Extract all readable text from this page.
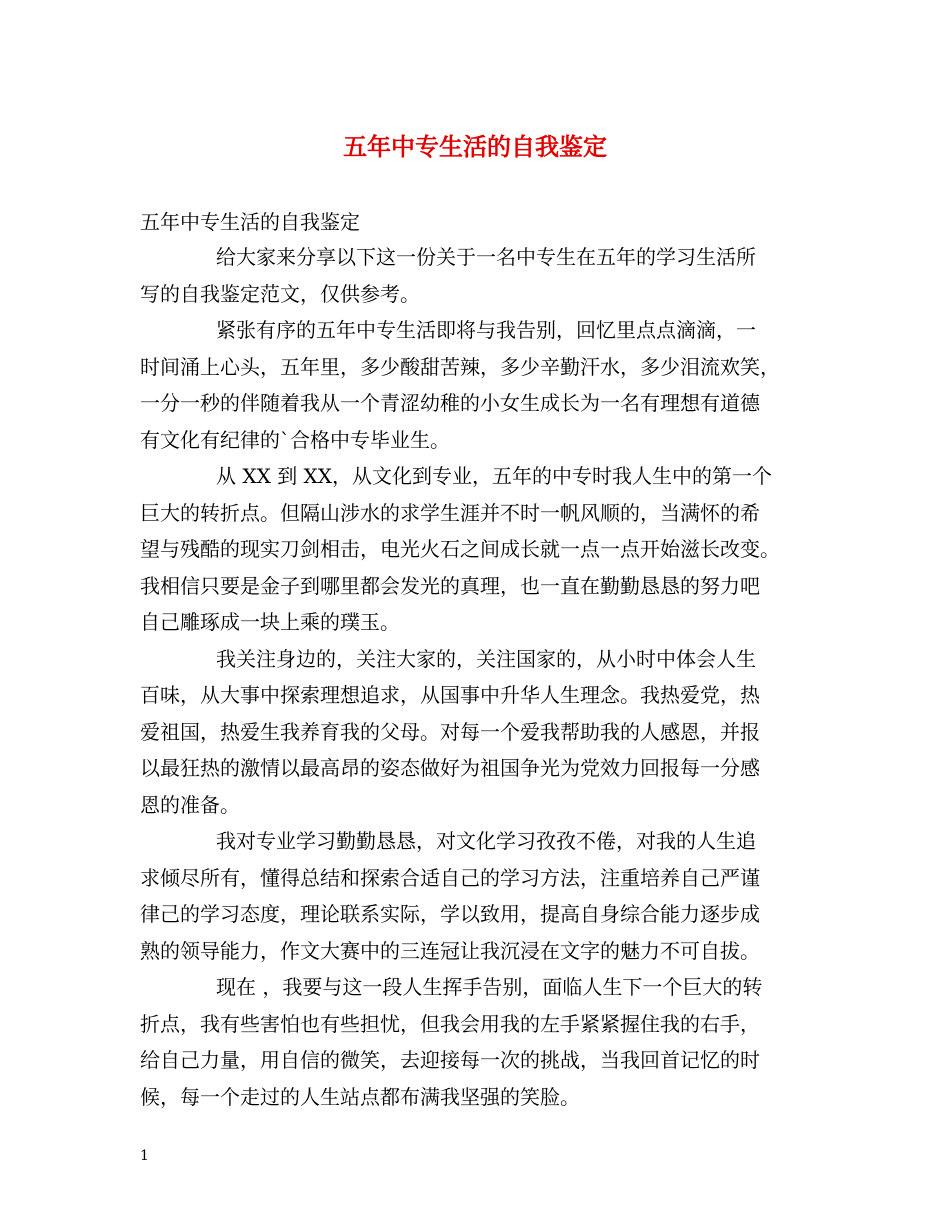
五年中专生活的自我鉴定
五年中专生活的自我鉴定
给大家来分享以下这一份关于一名中专生在五年的学习生活所
写的自我鉴定范文，仅供参考。
紧张有序的五年中专生活即将与我告别，回忆里点点滴滴，一
时间涌上心头，五年里，多少酸甜苦辣，多少辛勤汗水，多少泪流欢笑，
一分一秒的伴随着我从一个青涩幼稚的小女生成长为一名有理想有道德
有文化有纪律的`合格中专毕业生。
从 XX 到 XX，从文化到专业，五年的中专时我人生中的第一个
巨大的转折点。但隔山涉水的求学生涯并不时一帆风顺的，当满怀的希
望与残酷的现实刀剑相击，电光火石之间成长就一点一点开始滋长改变。
我相信只要是金子到哪里都会发光的真理，也一直在勤勤恳恳的努力吧
自己雕琢成一块上乘的璞玉。
我关注身边的，关注大家的，关注国家的，从小时中体会人生
百味，从大事中探索理想追求，从国事中升华人生理念。我热爱党，热
爱祖国，热爱生我养育我的父母。对每一个爱我帮助我的人感恩，并报
以最狂热的激情以最高昂的姿态做好为祖国争光为党效力回报每一分感
恩的准备。
我对专业学习勤勤恳恳，对文化学习孜孜不倦，对我的人生追
求倾尽所有，懂得总结和探索合适自己的学习方法，注重培养自己严谨
律己的学习态度，理论联系实际，学以致用，提高自身综合能力逐步成
熟的领导能力，作文大赛中的三连冠让我沉浸在文字的魅力不可自拔。
现在 ，我要与这一段人生挥手告别，面临人生下一个巨大的转
折点，我有些害怕也有些担忧，但我会用我的左手紧紧握住我的右手，
给自己力量，用自信的微笑，去迎接每一次的挑战，当我回首记忆的时
候，每一个走过的人生站点都布满我坚强的笑脸。
1
